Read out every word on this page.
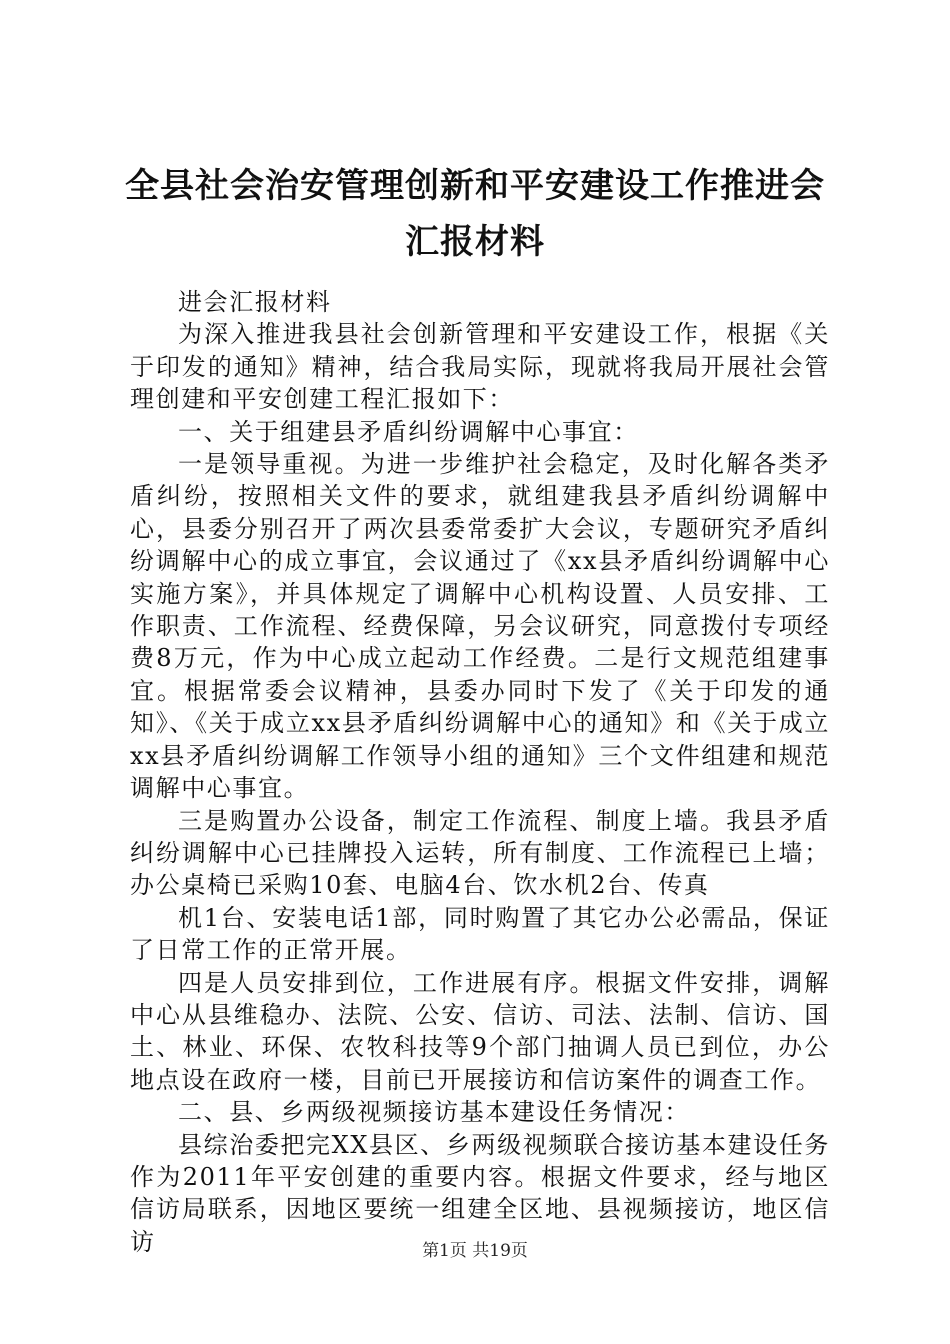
全县社会治安管理创新和平安建设工作推进会
汇报材料

进会汇报材料

为深入推进我县社会创新管理和平安建设工作，根据《关于印发的通知》精神，结合我局实际，现就将我局开展社会管理创建和平安创建工程汇报如下：

一、关于组建县矛盾纠纷调解中心事宜：

一是领导重视。为进一步维护社会稳定，及时化解各类矛盾纠纷，按照相关文件的要求，就组建我县矛盾纠纷调解中心，县委分别召开了两次县委常委扩大会议，专题研究矛盾纠纷调解中心的成立事宜，会议通过了《xx县矛盾纠纷调解中心实施方案》，并具体规定了调解中心机构设置、人员安排、工作职责、工作流程、经费保障，另会议研究，同意拨付专项经费8万元，作为中心成立起动工作经费。二是行文规范组建事宜。根据常委会议精神，县委办同时下发了《关于印发的通知》、《关于成立xx县矛盾纠纷调解中心的通知》和《关于成立xx县矛盾纠纷调解工作领导小组的通知》三个文件组建和规范调解中心事宜。

三是购置办公设备，制定工作流程、制度上墙。我县矛盾纠纷调解中心已挂牌投入运转，所有制度、工作流程已上墙；办公桌椅已采购10套、电脑4台、饮水机2台、传真

机1台、安装电话1部，同时购置了其它办公必需品，保证了日常工作的正常开展。

四是人员安排到位，工作进展有序。根据文件安排，调解中心从县维稳办、法院、公安、信访、司法、法制、信访、国土、林业、环保、农牧科技等9个部门抽调人员已到位，办公地点设在政府一楼，目前已开展接访和信访案件的调查工作。

二、县、乡两级视频接访基本建设任务情况：

县综治委把完XX县区、乡两级视频联合接访基本建设任务作为2011年平安创建的重要内容。根据文件要求，经与地区信访局联系，因地区要统一组建全区地、县视频接访，地区信访	第1页 共19页
